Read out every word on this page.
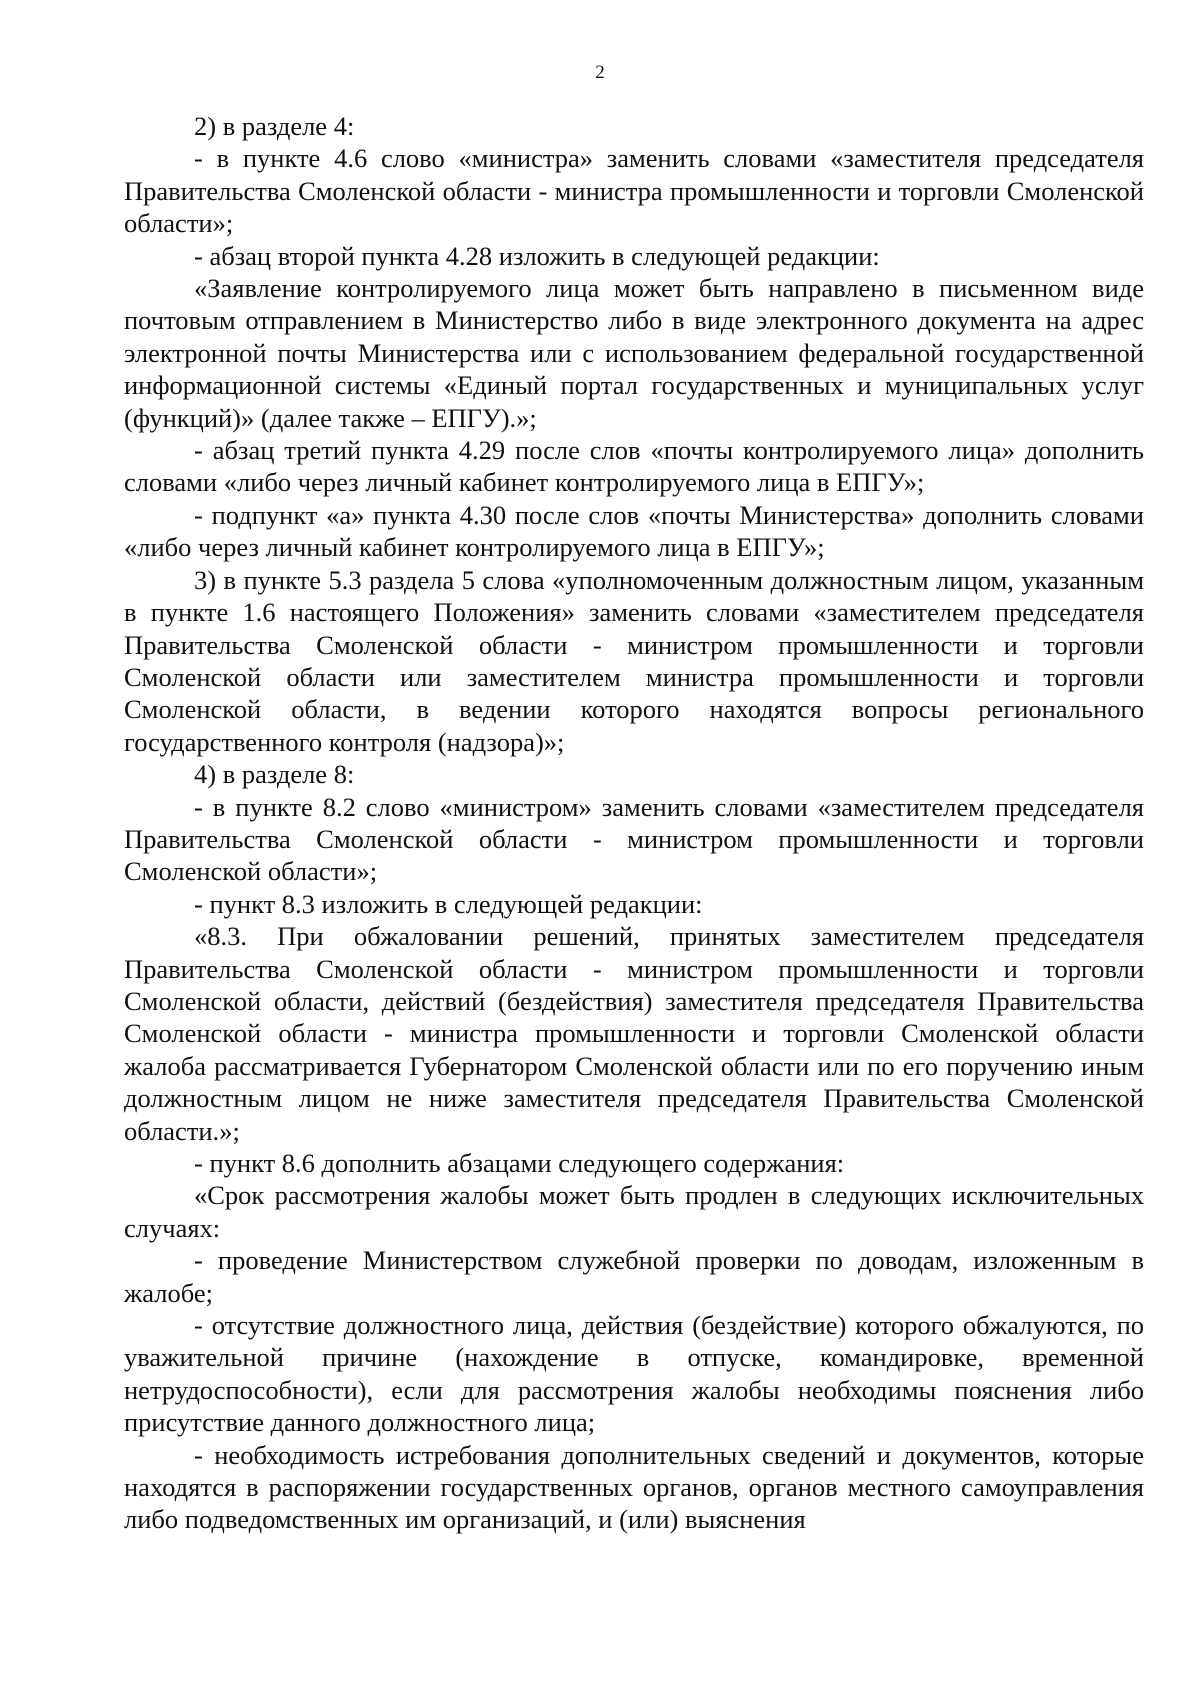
2

2) в разделе 4:

- в пункте 4.6 слово «министра» заменить словами «заместителя председателя Правительства Смоленской области - министра промышленности и торговли Смоленской области»;

- абзац второй пункта 4.28 изложить в следующей редакции:

«Заявление контролируемого лица может быть направлено в письменном виде почтовым отправлением в Министерство либо в виде электронного документа на адрес электронной почты Министерства или с использованием федеральной государственной информационной системы «Единый портал государственных и муниципальных услуг (функций)» (далее также – ЕПГУ).»;

- абзац третий пункта 4.29 после слов «почты контролируемого лица» дополнить словами «либо через личный кабинет контролируемого лица в ЕПГУ»;

- подпункт «а» пункта 4.30 после слов «почты Министерства» дополнить словами «либо через личный кабинет контролируемого лица в ЕПГУ»;

3) в пункте 5.3 раздела 5 слова «уполномоченным должностным лицом, указанным в пункте 1.6 настоящего Положения» заменить словами «заместителем председателя Правительства Смоленской области - министром промышленности и торговли Смоленской области или заместителем министра промышленности и торговли Смоленской области, в ведении которого находятся вопросы регионального государственного контроля (надзора)»;

4) в разделе 8:

- в пункте 8.2 слово «министром» заменить словами «заместителем председателя Правительства Смоленской области - министром промышленности и торговли Смоленской области»;

- пункт 8.3 изложить в следующей редакции:

«8.3. При обжаловании решений, принятых заместителем председателя Правительства Смоленской области - министром промышленности и торговли Смоленской области, действий (бездействия) заместителя председателя Правительства Смоленской области - министра промышленности и торговли Смоленской области жалоба рассматривается Губернатором Смоленской области или по его поручению иным должностным лицом не ниже заместителя председателя Правительства Смоленской области.»;

- пункт 8.6 дополнить абзацами следующего содержания:

«Срок рассмотрения жалобы может быть продлен в следующих исключительных случаях:

- проведение Министерством служебной проверки по доводам, изложенным в жалобе;

- отсутствие должностного лица, действия (бездействие) которого обжалуются, по уважительной причине (нахождение в отпуске, командировке, временной нетрудоспособности), если для рассмотрения жалобы необходимы пояснения либо присутствие данного должностного лица;

- необходимость истребования дополнительных сведений и документов, которые находятся в распоряжении государственных органов, органов местного самоуправления либо подведомственных им организаций, и (или) выяснения
